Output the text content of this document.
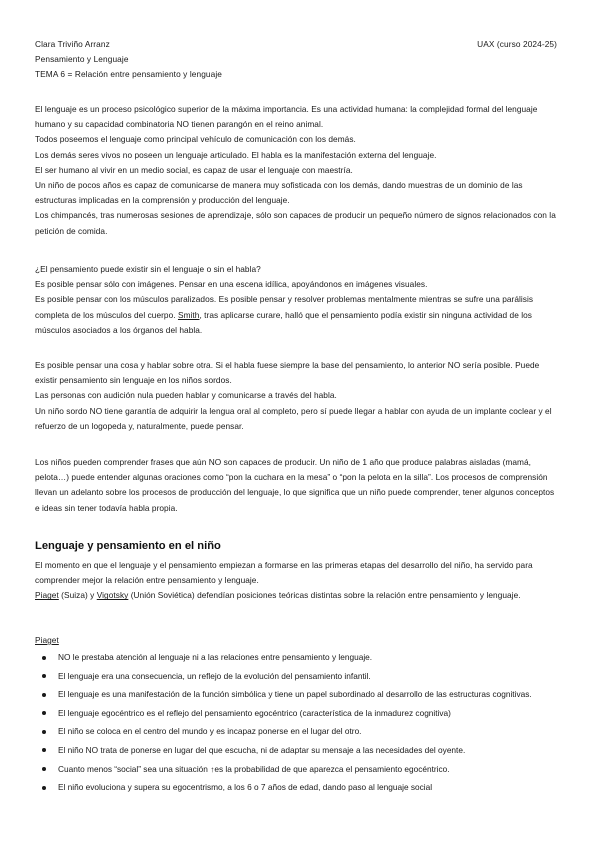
Clara Triviño Arranz	UAX (curso 2024-25)
Pensamiento y Lenguaje
TEMA 6 = Relación entre pensamiento y lenguaje

El lenguaje es un proceso psicológico superior de la máxima importancia. Es una actividad humana: la complejidad formal del lenguaje humano y su capacidad combinatoria NO tienen parangón en el reino animal.

Todos poseemos el lenguaje como principal vehículo de comunicación con los demás.

Los demás seres vivos no poseen un lenguaje articulado. El habla es la manifestación externa del lenguaje.

El ser humano al vivir en un medio social, es capaz de usar el lenguaje con maestría.

Un niño de pocos años es capaz de comunicarse de manera muy sofisticada con los demás, dando muestras de un dominio de las estructuras implicadas en la comprensión y producción del lenguaje.

Los chimpancés, tras numerosas sesiones de aprendizaje, sólo son capaces de producir un pequeño número de signos relacionados con la petición de comida.

¿El pensamiento puede existir sin el lenguaje o sin el habla?

Es posible pensar sólo con imágenes. Pensar en una escena idílica, apoyándonos en imágenes visuales.

Es posible pensar con los músculos paralizados. Es posible pensar y resolver problemas mentalmente mientras se sufre una parálisis completa de los músculos del cuerpo. Smith, tras aplicarse curare, halló que el pensamiento podía existir sin ninguna actividad de los músculos asociados a los órganos del habla.

Es posible pensar una cosa y hablar sobre otra. Si el habla fuese siempre la base del pensamiento, lo anterior NO sería posible. Puede existir pensamiento sin lenguaje en los niños sordos.

Las personas con audición nula pueden hablar y comunicarse a través del habla.

Un niño sordo NO tiene garantía de adquirir la lengua oral al completo, pero sí puede llegar a hablar con ayuda de un implante coclear y el refuerzo de un logopeda y, naturalmente, puede pensar.

Los niños pueden comprender frases que aún NO son capaces de producir. Un niño de 1 año que produce palabras aisladas (mamá, pelota…) puede entender algunas oraciones como “pon la cuchara en la mesa” o “pon la pelota en la silla”. Los procesos de comprensión llevan un adelanto sobre los procesos de producción del lenguaje, lo que significa que un niño puede comprender, tener algunos conceptos e ideas sin tener todavía habla propia.

Lenguaje y pensamiento en el niño

El momento en que el lenguaje y el pensamiento empiezan a formarse en las primeras etapas del desarrollo del niño, ha servido para comprender mejor la relación entre pensamiento y lenguaje.

Piaget (Suiza) y Vigotsky (Unión Soviética) defendían posiciones teóricas distintas sobre la relación entre pensamiento y lenguaje.

Piaget

NO le prestaba atención al lenguaje ni a las relaciones entre pensamiento y lenguaje.
El lenguaje era una consecuencia, un reflejo de la evolución del pensamiento infantil.
El lenguaje es una manifestación de la función simbólica y tiene un papel subordinado al desarrollo de las estructuras cognitivas.
El lenguaje egocéntrico es el reflejo del pensamiento egocéntrico (característica de la inmadurez cognitiva)
El niño se coloca en el centro del mundo y es incapaz ponerse en el lugar del otro.
El niño NO trata de ponerse en lugar del que escucha, ni de adaptar su mensaje a las necesidades del oyente.
Cuanto menos “social” sea una situación ↑es la probabilidad de que aparezca el pensamiento egocéntrico.
El niño evoluciona y supera su egocentrismo, a los 6 o 7 años de edad, dando paso al lenguaje social
